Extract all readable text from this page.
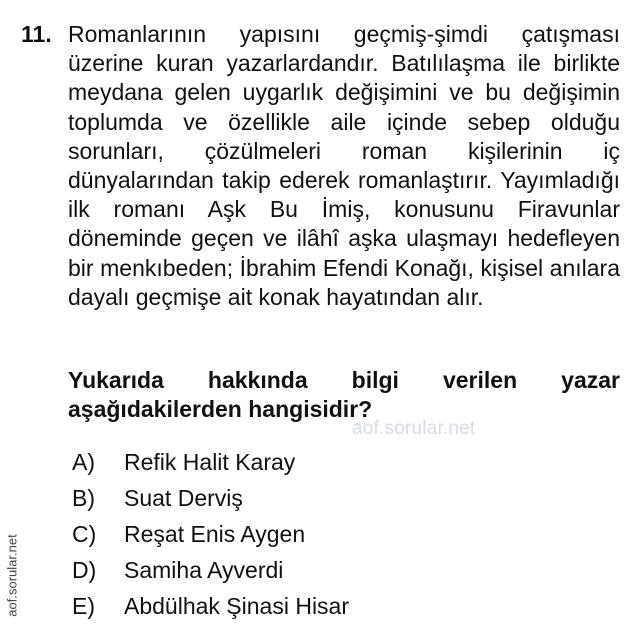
11. Romanlarının yapısını geçmiş-şimdi çatışması üzerine kuran yazarlardandır. Batılılaşma ile birlikte meydana gelen uygarlık değişimini ve bu değişimin toplumda ve özellikle aile içinde sebep olduğu sorunları, çözülmeleri roman kişilerinin iç dünyalarından takip ederek romanlaştırır. Yayımladığı ilk romanı Aşk Bu İmiş, konusunu Firavunlar döneminde geçen ve ilâhî aşka ulaşmayı hedefleyen bir menkıbeden; İbrahim Efendi Konağı, kişisel anılara dayalı geçmişe ait konak hayatından alır.

Yukarıda hakkında bilgi verilen yazar aşağıdakilerden hangisidir?

A)	Refik Halit Karay
B)	Suat Derviş
C)	Reşat Enis Aygen
D)	Samiha Ayverdi
E)	Abdülhak Şinasi Hisar
aof.sorular.net
aof.sorular.net
